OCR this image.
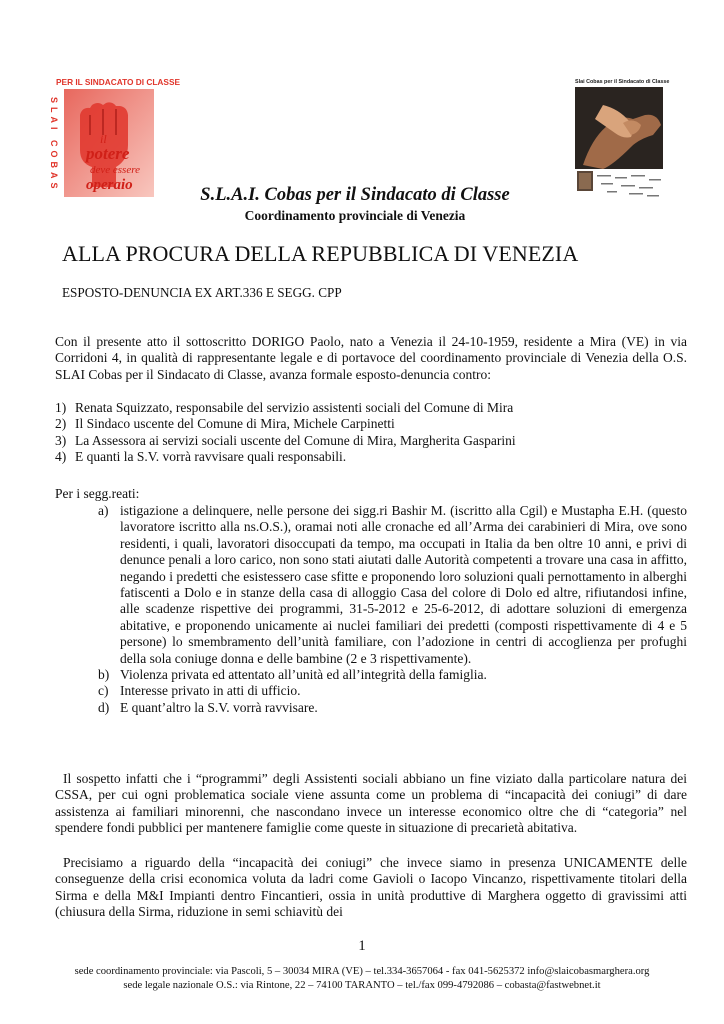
PER IL SINDACATO DI CLASSE
SLAI COBAS	il
potere
deve essere
operaio
Slai Cobas per il Sindacato di Classe
S.L.A.I. Cobas per il Sindacato di Classe
Coordinamento provinciale di Venezia
ALLA PROCURA DELLA REPUBBLICA DI VENEZIA
ESPOSTO-DENUNCIA EX ART.336 E SEGG. CPP
Con il presente atto il sottoscritto DORIGO Paolo, nato a Venezia il 24-10-1959, residente a Mira (VE) in via Corridoni 4, in qualità di rappresentante legale e di portavoce del coordinamento provinciale di Venezia della O.S. SLAI Cobas per il Sindacato di Classe, avanza formale esposto-denuncia contro:
1) Renata Squizzato, responsabile del servizio assistenti sociali del Comune di Mira
2) Il Sindaco uscente del Comune di Mira, Michele Carpinetti
3) La Assessora ai servizi sociali uscente del Comune di Mira, Margherita Gasparini
4) E quanti la S.V. vorrà ravvisare quali responsabili.
Per i segg.reati:
a) istigazione a delinquere, nelle persone dei sigg.ri Bashir M. (iscritto alla Cgil) e Mustapha E.H. (questo lavoratore iscritto alla ns.O.S.), oramai noti alle cronache ed all’Arma dei carabinieri di Mira, ove sono residenti, i quali, lavoratori disoccupati da tempo, ma occupati in Italia da ben oltre 10 anni, e privi di denunce penali a loro carico, non sono stati aiutati dalle Autorità competenti a trovare una casa in affitto, negando i predetti che esistessero case sfitte e proponendo loro soluzioni quali pernottamento in alberghi fatiscenti a Dolo e in stanze della casa di alloggio Casa del colore di Dolo ed altre, rifiutandosi infine, alle scadenze rispettive dei programmi, 31-5-2012 e 25-6-2012, di adottare soluzioni di emergenza abitative, e proponendo unicamente ai nuclei familiari dei predetti (composti rispettivamente di 4 e 5 persone) lo smembramento dell’unità familiare, con l’adozione in centri di accoglienza per profughi della sola coniuge donna e delle bambine (2 e 3 rispettivamente).
b) Violenza privata ed attentato all’unità ed all’integrità della famiglia.
c) Interesse privato in atti di ufficio.
d) E quant’altro la S.V. vorrà ravvisare.
Il sospetto infatti che i “programmi” degli Assistenti sociali abbiano un fine viziato dalla particolare natura dei CSSA, per cui ogni problematica sociale viene assunta come un problema di “incapacità dei coniugi” di dare assistenza ai familiari minorenni, che nascondano invece un interesse economico oltre che di “categoria” nel spendere fondi pubblici per mantenere famiglie come queste in situazione di precarietà abitativa.
Precisiamo a riguardo della “incapacità dei coniugi” che invece siamo in presenza UNICAMENTE delle conseguenze della crisi economica voluta da ladri come Gavioli o Iacopo Vincanzo, rispettivamente titolari della Sirma e della M&I Impianti dentro Fincantieri, ossia in unità produttive di Marghera oggetto di gravissimi atti (chiusura della Sirma, riduzione in semi schiavitù dei
1
sede coordinamento provinciale: via Pascoli, 5 – 30034 MIRA (VE) – tel.334-3657064 - fax 041-5625372 info@slaicobasmarghera.org
sede legale nazionale O.S.: via Rintone, 22 – 74100 TARANTO – tel./fax 099-4792086 – cobasta@fastwebnet.it
